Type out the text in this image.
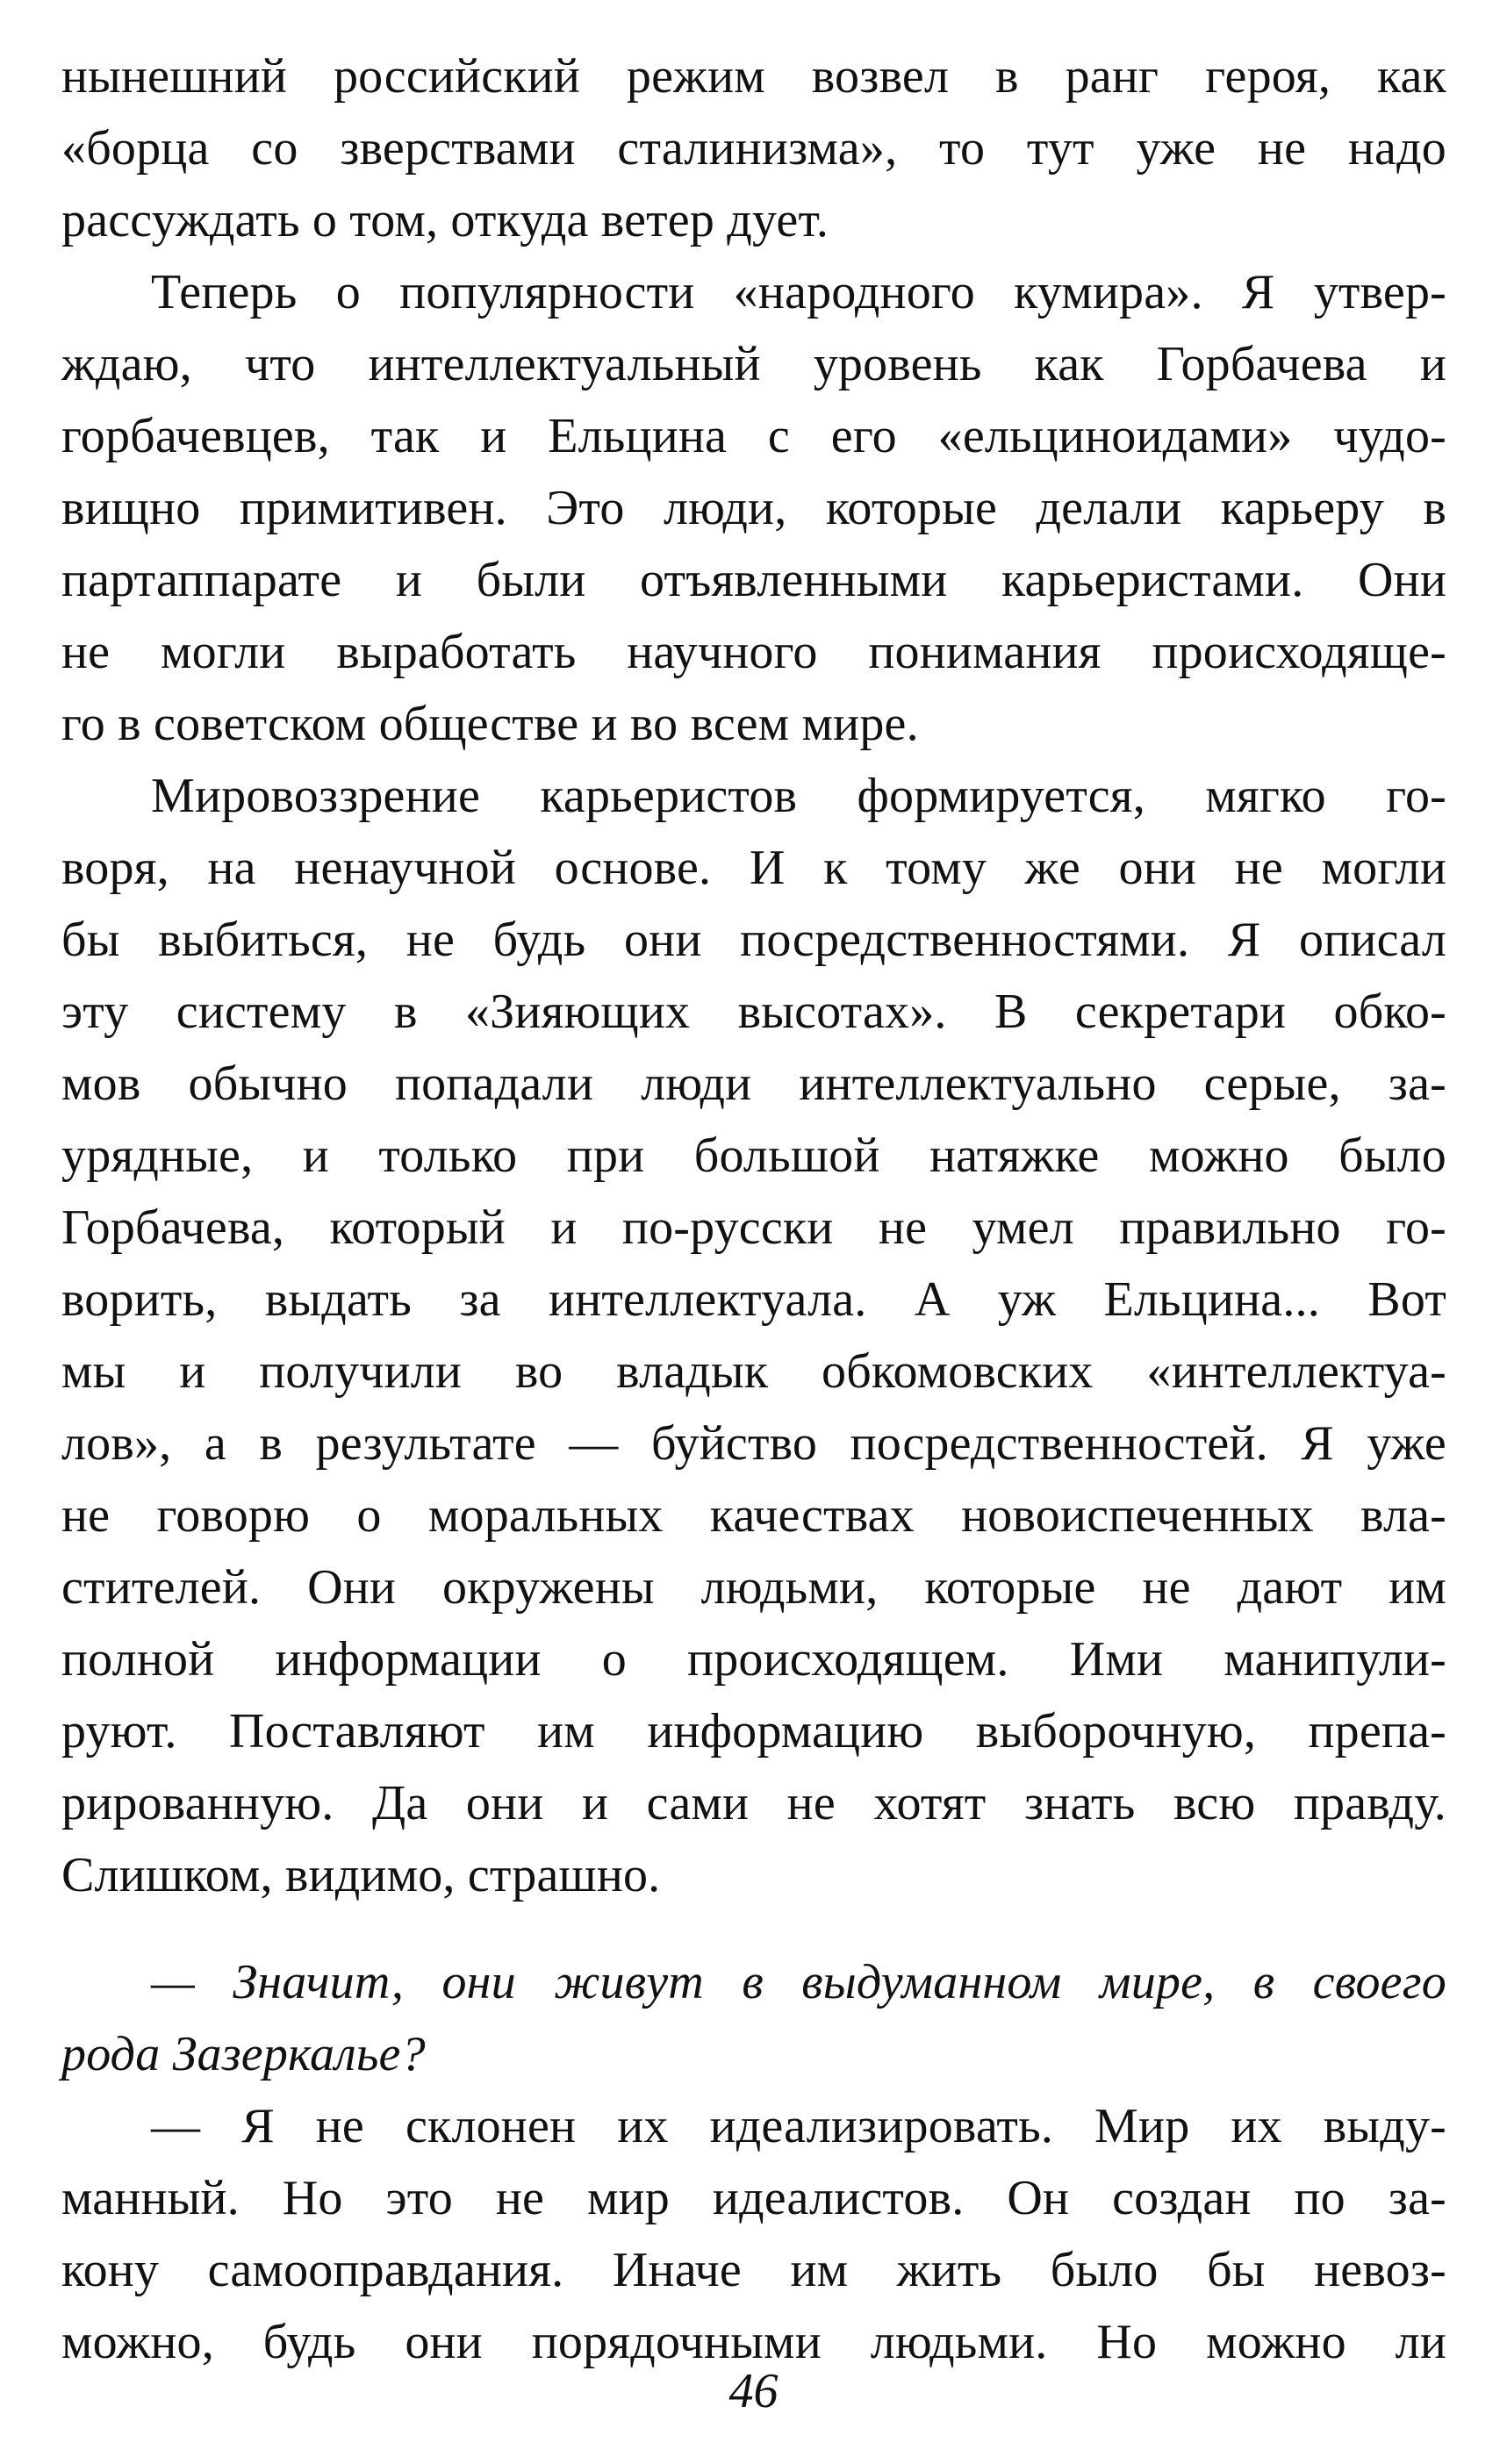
нынешний российский режим возвел в ранг героя, как
«борца со зверствами сталинизма», то тут уже не надо
рассуждать о том, откуда ветер дует.
Теперь о популярности «народного кумира». Я утвер-
ждаю, что интеллектуальный уровень как Горбачева и
горбачевцев, так и Ельцина с его «ельциноидами» чудо-
вищно примитивен. Это люди, которые делали карьеру в
партаппарате и были отъявленными карьеристами. Они
не могли выработать научного понимания происходяще-
го в советском обществе и во всем мире.
Мировоззрение карьеристов формируется, мягко го-
воря, на ненаучной основе. И к тому же они не могли
бы выбиться, не будь они посредственностями. Я описал
эту систему в «Зияющих высотах». В секретари обко-
мов обычно попадали люди интеллектуально серые, за-
урядные, и только при большой натяжке можно было
Горбачева, который и по-русски не умел правильно го-
ворить, выдать за интеллектуала. А уж Ельцина... Вот
мы и получили во владык обкомовских «интеллектуа-
лов», а в результате — буйство посредственностей. Я уже
не говорю о моральных качествах новоиспеченных вла-
стителей. Они окружены людьми, которые не дают им
полной информации о происходящем. Ими манипули-
руют. Поставляют им информацию выборочную, препа-
рированную. Да они и сами не хотят знать всю правду.
Слишком, видимо, страшно.
— Значит, они живут в выдуманном мире, в своего
рода Зазеркалье?
— Я не склонен их идеализировать. Мир их выду-
манный. Но это не мир идеалистов. Он создан по за-
кону самооправдания. Иначе им жить было бы невоз-
можно, будь они порядочными людьми. Но можно ли
46
